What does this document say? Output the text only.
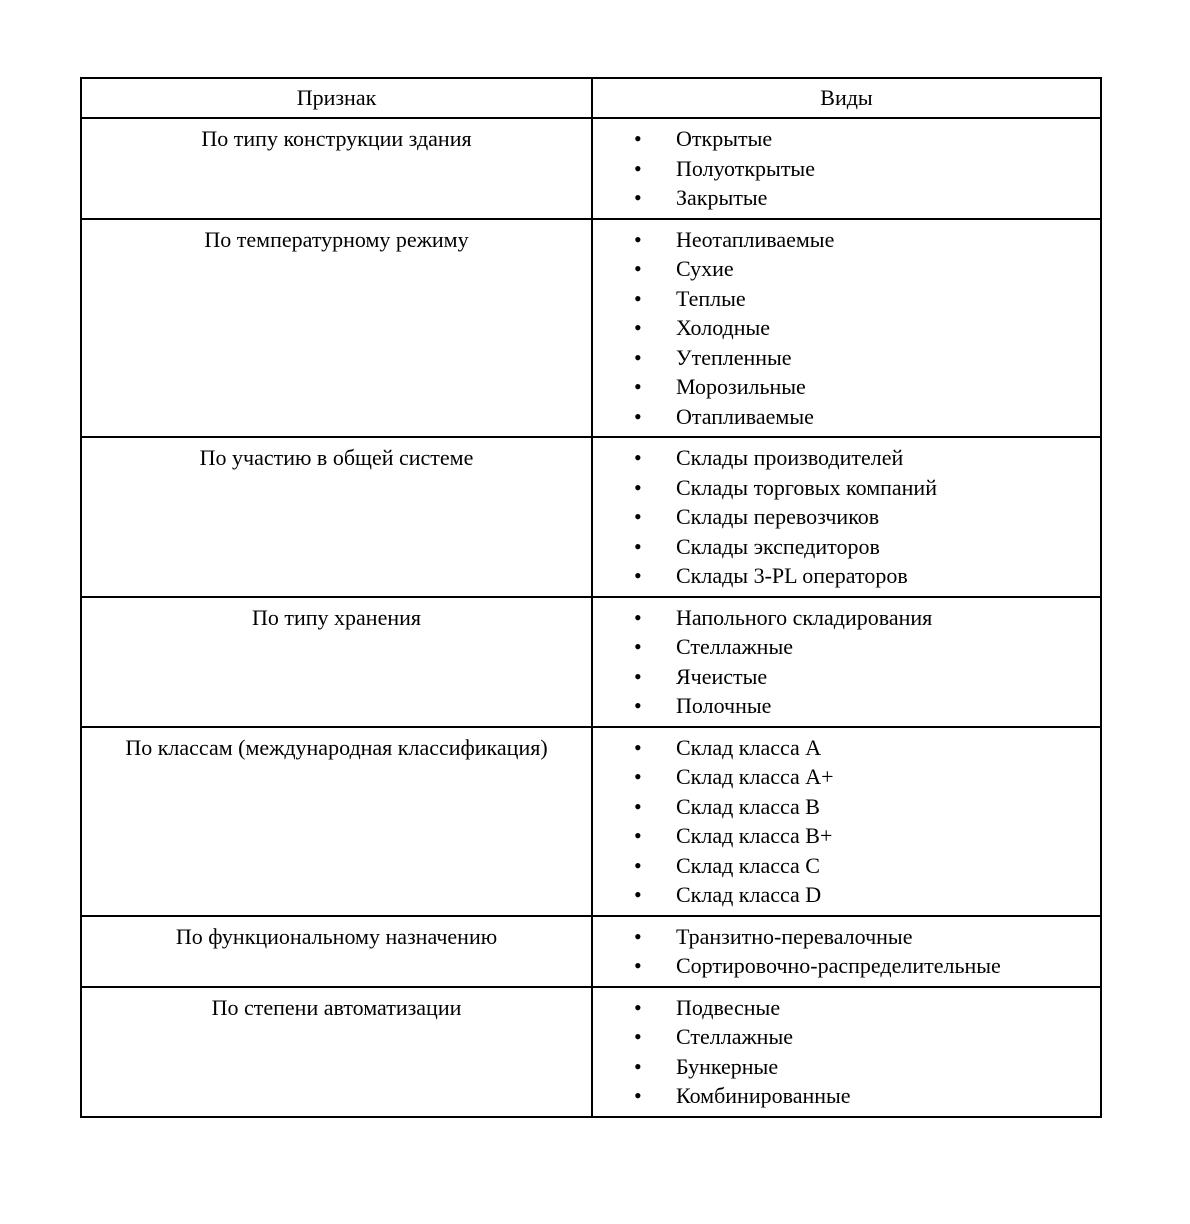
Признак	Виды
По типу конструкции здания	• Открытые
• Полуоткрытые
• Закрытые

По температурному режиму	• Неотапливаемые
• Сухие
• Теплые
• Холодные
• Утепленные
• Морозильные
• Отапливаемые

По участию в общей системе	• Склады производителей
• Склады торговых компаний
• Склады перевозчиков
• Склады экспедиторов
• Склады 3-PL операторов

По типу хранения	• Напольного складирования
• Стеллажные
• Ячеистые
• Полочные

По классам (международная классификация)	• Склад класса A
• Склад класса A+
• Склад класса B
• Склад класса B+
• Склад класса C
• Склад класса D

По функциональному назначению	• Транзитно-перевалочные
• Сортировочно-распределительные

По степени автоматизации	• Подвесные
• Стеллажные
• Бункерные
• Комбинированные
